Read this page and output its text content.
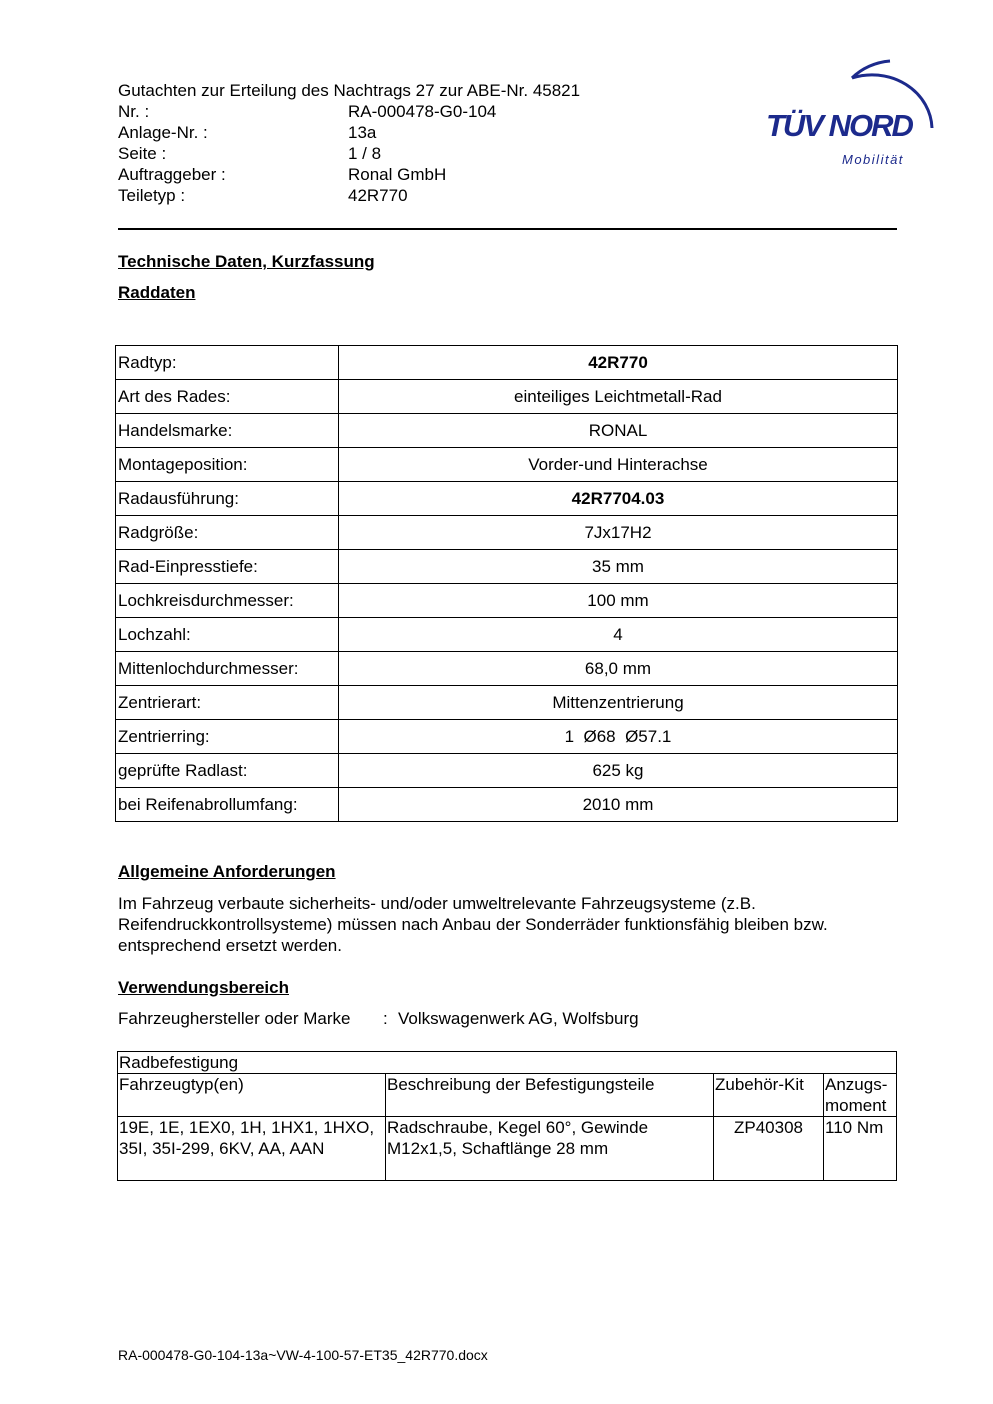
Gutachten zur Erteilung des Nachtrags 27 zur ABE-Nr. 45821
Nr. :	RA-000478-G0-104
Anlage-Nr. :	13a
Seite :	1 / 8
Auftraggeber :	Ronal GmbH
Teiletyp :	42R770
TÜV NORD
Mobilität
Technische Daten, Kurzfassung
Raddaten
Radtyp:	42R770
Art des Rades:	einteiliges Leichtmetall-Rad
Handelsmarke:	RONAL
Montageposition:	Vorder-und Hinterachse
Radausführung:	42R7704.03
Radgröße:	7Jx17H2
Rad-Einpresstiefe:	35 mm
Lochkreisdurchmesser:	100 mm
Lochzahl:	4
Mittenlochdurchmesser:	68,0 mm
Zentrierart:	Mittenzentrierung
Zentrierring:	1  Ø68  Ø57.1
geprüfte Radlast:	625 kg
bei Reifenabrollumfang:	2010 mm
Allgemeine Anforderungen
Im Fahrzeug verbaute sicherheits- und/oder umweltrelevante Fahrzeugsysteme (z.B. Reifendruckkontrollsysteme) müssen nach Anbau der Sonderräder funktionsfähig bleiben bzw. entsprechend ersetzt werden.
Verwendungsbereich
Fahrzeughersteller oder Marke : Volkswagenwerk AG, Wolfsburg
Radbefestigung			
Fahrzeugtyp(en)	Beschreibung der Befestigungsteile	Zubehör-Kit	Anzugs-moment
19E, 1E, 1EX0, 1H, 1HX1, 1HXO, 35I, 35I-299, 6KV, AA, AAN	Radschraube, Kegel 60°, Gewinde M12x1,5, Schaftlänge 28 mm	ZP40308	110 Nm
RA-000478-G0-104-13a~VW-4-100-57-ET35_42R770.docx
